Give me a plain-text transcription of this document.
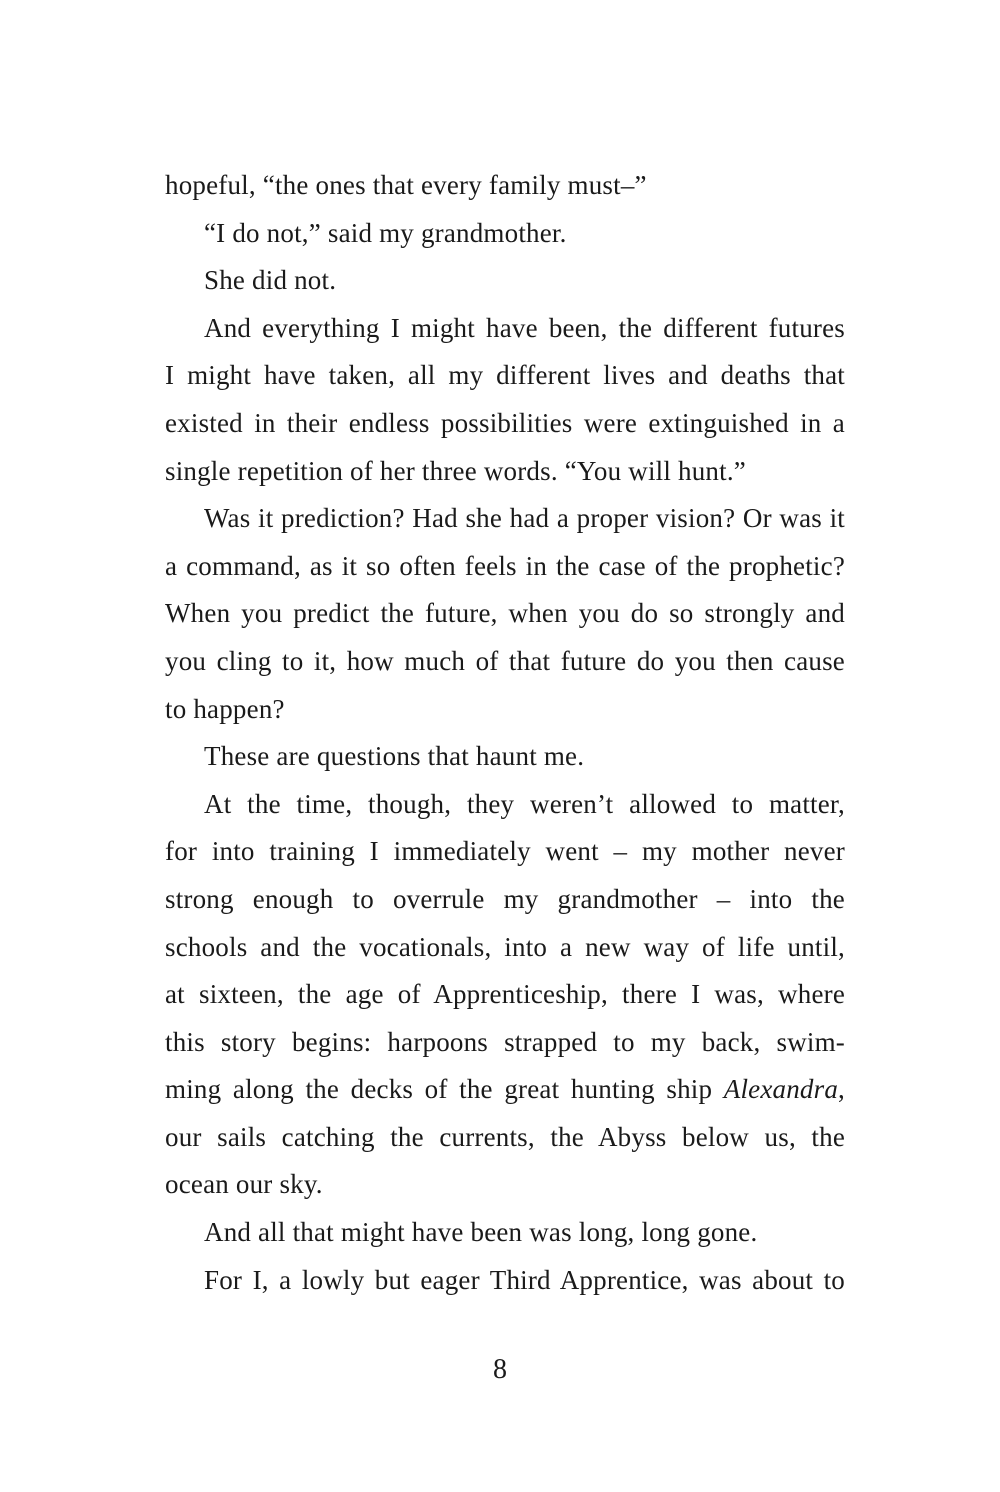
hopeful, “the ones that every family must–”
“I do not,” said my grandmother.
She did not.
And everything I might have been, the different futures
I might have taken, all my different lives and deaths that
existed in their endless possibilities were extinguished in a
single repetition of her three words. “You will hunt.”
Was it prediction? Had she had a proper vision? Or was it
a command, as it so often feels in the case of the prophetic?
When you predict the future, when you do so strongly and
you cling to it, how much of that future do you then cause
to happen?
These are questions that haunt me.
At the time, though, they weren’t allowed to matter,
for into training I immediately went – my mother never
strong enough to overrule my grandmother – into the
schools and the vocationals, into a new way of life until,
at sixteen, the age of Apprenticeship, there I was, where
this story begins: harpoons strapped to my back, swim-
ming along the decks of the great hunting ship Alexandra,
our sails catching the currents, the Abyss below us, the
ocean our sky.
And all that might have been was long, long gone.
For I, a lowly but eager Third Apprentice, was about to
8
